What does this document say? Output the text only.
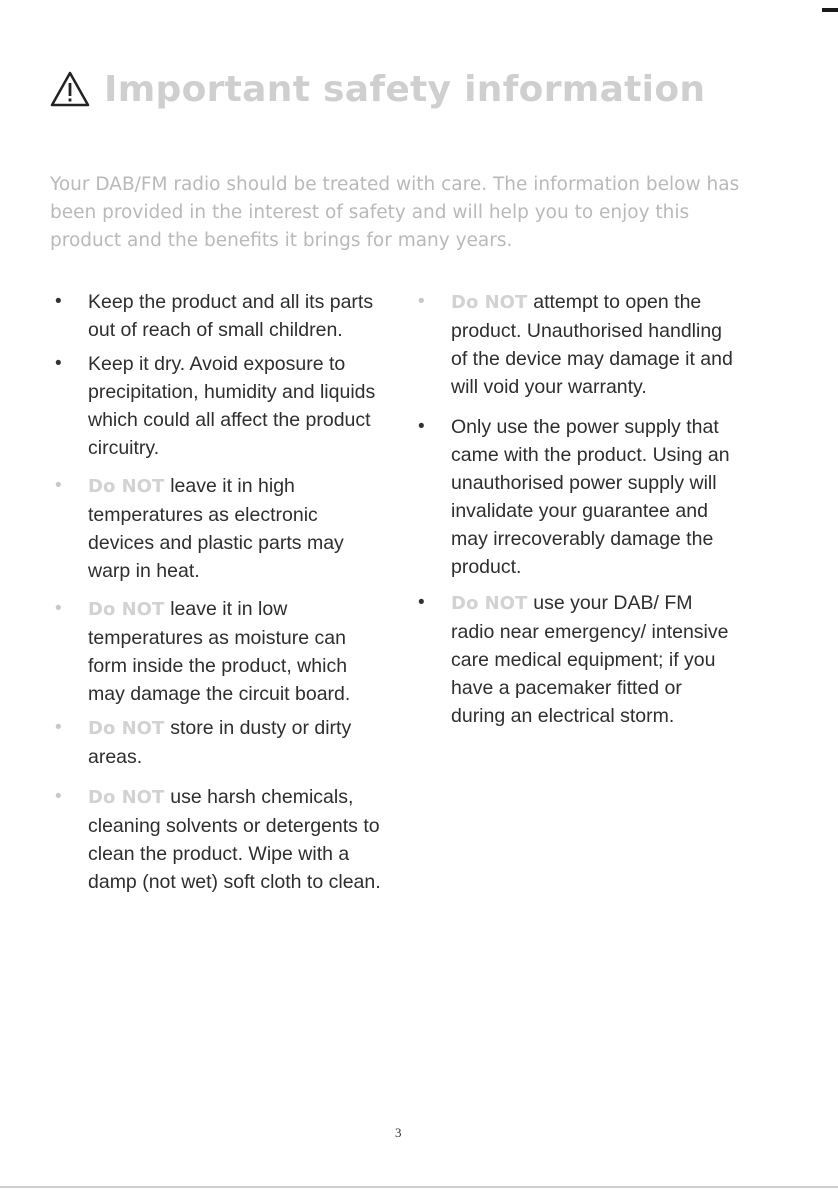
Important safety information
Your DAB/FM radio should be treated with care. The information below has been provided in the interest of safety and will help you to enjoy this product and the benefits it brings for many years.
• Keep the product and all its parts out of reach of small children.
• Keep it dry. Avoid exposure to precipitation, humidity and liquids which could all affect the product circuitry.
• Do NOT leave it in high temperatures as electronic devices and plastic parts may warp in heat.
• Do NOT leave it in low temperatures as moisture can form inside the product, which may damage the circuit board.
• Do NOT store in dusty or dirty areas.
• Do NOT use harsh chemicals, cleaning solvents or detergents to clean the product. Wipe with a damp (not wet) soft cloth to clean.
• Do NOT attempt to open the product. Unauthorised handling of the device may damage it and will void your warranty.
• Only use the power supply that came with the product. Using an unauthorised power supply will invalidate your guarantee and may irrecoverably damage the product.
• Do NOT use your DAB/ FM radio near emergency/ intensive care medical equipment; if you have a pacemaker fitted or during an electrical storm.
3
